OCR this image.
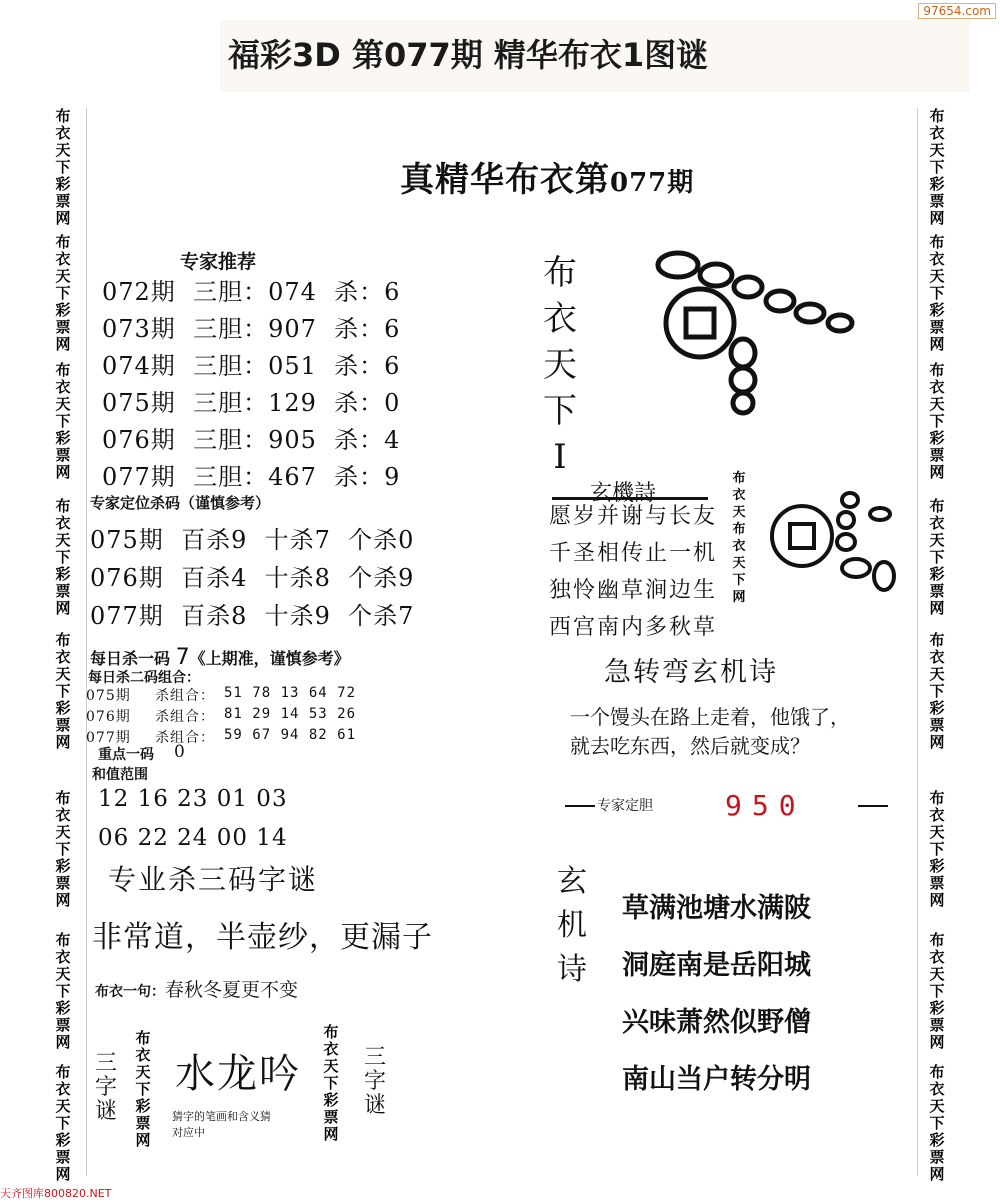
97654.com
福彩3D 第077期 精华布衣1图谜
布
衣
天
下
彩
票
网
布
衣
天
下
彩
票
网
布
衣
天
下
彩
票
网
布
衣
天
下
彩
票
网
布
衣
天
下
彩
票
网
布
衣
天
下
彩
票
网
布
衣
天
下
彩
票
网
布
衣
天
下
彩
票
网
布
衣
天
下
彩
票
网
布
衣
天
下
彩
票
网
布
衣
天
下
彩
票
网
布
衣
天
下
彩
票
网
布
衣
天
下
彩
票
网
布
衣
天
下
彩
票
网
布
衣
天
下
彩
票
网
布
衣
天
下
彩
票
网
真精华布衣第077期
专家推荐
072期  三胆：074  杀：6
073期  三胆：907  杀：6
074期  三胆：051  杀：6
075期  三胆：129  杀：0
076期  三胆：905  杀：4
077期  三胆：467  杀：9
专家定位杀码（谨慎参考）
075期  百杀9  十杀7  个杀0
076期  百杀4  十杀8  个杀9
077期  百杀8  十杀9  个杀7
每日杀一码 7《上期准，谨慎参考》
每日杀二码组合：
075期 杀组合： 51 78 13 64 72
076期 杀组合： 81 29 14 53 26
077期 杀组合： 59 67 94 82 61
重点一码 0
和值范围
12 16 23 01 03
06 22 24 00 14
专业杀三码字谜
非常道，半壶纱，更漏子
布衣一句：春秋冬夏更不变
三
字
谜
三
字
谜
布
衣
天
下
彩
票
网
布
衣
天
下
彩
票
网
水龙吟
猜字的笔画和含义猜
对应中
布
衣
天
下
I
玄機詩
愿岁并谢与长友
千圣相传止一机
独怜幽草涧边生
西宫南内多秋草
布
衣
天
布
衣
天
下
网
急转弯玄机诗
一个馒头在路上走着，他饿了，
就去吃东西，然后就变成？
专家定胆	950
玄
机
诗
草满池塘水满陂
洞庭南是岳阳城
兴味萧然似野僧
南山当户转分明
天齐图库800820.NET
